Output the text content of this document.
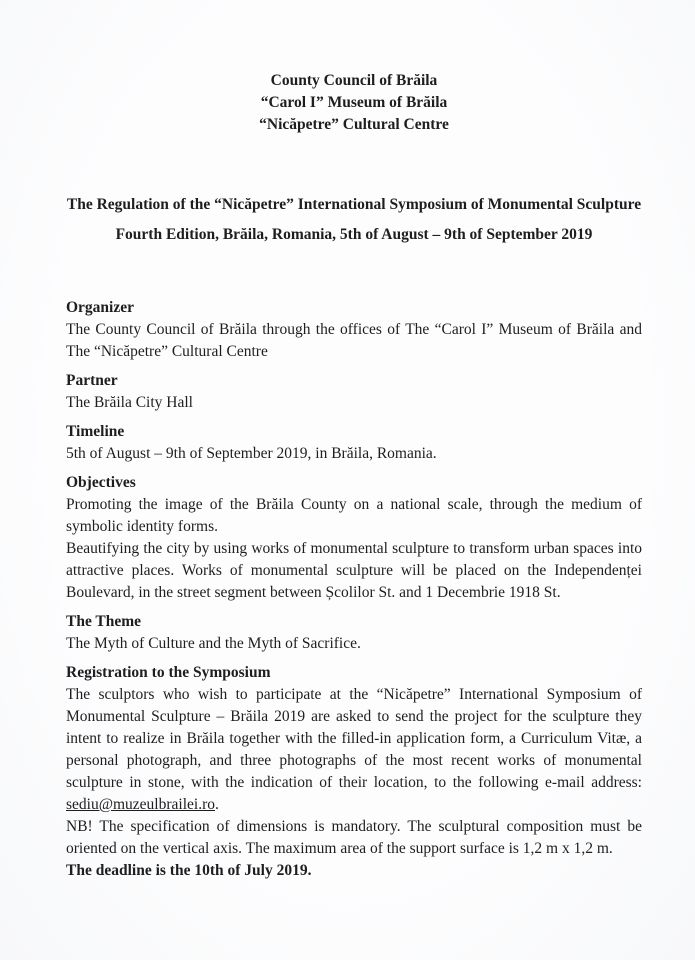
County Council of Brăila
“Carol I” Museum of Brăila
“Nicăpetre” Cultural Centre
The Regulation of the “Nicăpetre” International Symposium of Monumental Sculpture
Fourth Edition, Brăila, Romania, 5th of August – 9th of September 2019
Organizer

The County Council of Brăila through the offices of The “Carol I” Museum of Brăila and The “Nicăpetre” Cultural Centre

Partner

The Brăila City Hall

Timeline

5th of August – 9th of September 2019, in Brăila, Romania.

Objectives

Promoting the image of the Brăila County on a national scale, through the medium of symbolic identity forms.

Beautifying the city by using works of monumental sculpture to transform urban spaces into attractive places. Works of monumental sculpture will be placed on the Independenței Boulevard, in the street segment between Școlilor St. and 1 Decembrie 1918 St.

The Theme

The Myth of Culture and the Myth of Sacrifice.

Registration to the Symposium

The sculptors who wish to participate at the “Nicăpetre” International Symposium of Monumental Sculpture – Brăila 2019 are asked to send the project for the sculpture they intent to realize in Brăila together with the filled-in application form, a Curriculum Vitæ, a personal photograph, and three photographs of the most recent works of monumental sculpture in stone, with the indication of their location, to the following e-mail address: sediu@muzeulbrailei.ro.

NB! The specification of dimensions is mandatory. The sculptural composition must be oriented on the vertical axis. The maximum area of the support surface is 1,2 m x 1,2 m.

The deadline is the 10th of July 2019.
